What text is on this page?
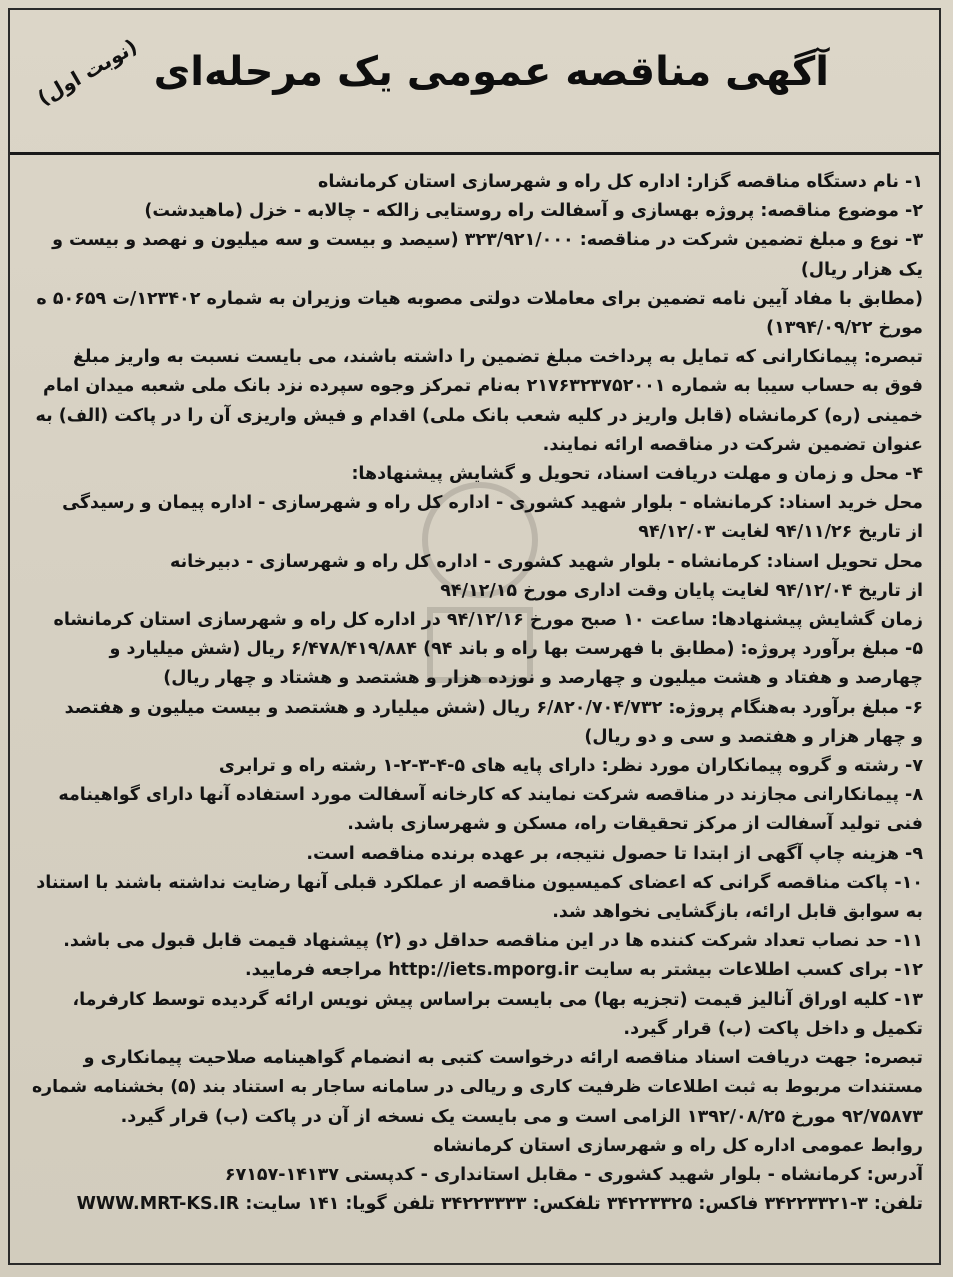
(نوبت اول) آگهی مناقصه عمومی یک مرحله‌ای
۱- نام دستگاه مناقصه گزار: اداره کل راه و شهرسازی استان کرمانشاه
۲- موضوع مناقصه: پروژه بهسازی و آسفالت راه روستایی زالکه - چالابه - خزل (ماهیدشت)
۳- نوع و مبلغ تضمین شرکت در مناقصه: ۳۲۳/۹۲۱/۰۰۰ (سیصد و بیست و سه میلیون و نهصد و بیست و
یک هزار ریال)
(مطابق با مفاد آیین نامه تضمین برای معاملات دولتی مصوبه هیات وزیران به شماره ۱۲۳۴۰۲/ت ۵۰۶۵۹ ه
مورخ ۱۳۹۴/۰۹/۲۲)
تبصره: پیمانکارانی که تمایل به پرداخت مبلغ تضمین را داشته باشند، می بایست نسبت به واریز مبلغ
فوق به حساب سیبا به شماره ۲۱۷۶۳۲۳۷۵۲۰۰۱ به‌نام تمرکز وجوه سپرده نزد بانک ملی شعبه میدان امام
خمینی (ره) کرمانشاه (قابل واریز در کلیه شعب بانک ملی) اقدام و فیش واریزی آن را در پاکت (الف) به
عنوان تضمین شرکت در مناقصه ارائه نمایند.
۴- محل و زمان و مهلت دریافت اسناد، تحویل و گشایش پیشنهادها:
محل خرید اسناد: کرمانشاه - بلوار شهید کشوری - اداره کل راه و شهرسازی - اداره پیمان و رسیدگی
از تاریخ ۹۴/۱۱/۲۶ لغایت ۹۴/۱۲/۰۳
محل تحویل اسناد: کرمانشاه - بلوار شهید کشوری - اداره کل راه و شهرسازی - دبیرخانه
از تاریخ ۹۴/۱۲/۰۴ لغایت پایان وقت اداری مورخ ۹۴/۱۲/۱۵
زمان گشایش پیشنهادها: ساعت ۱۰ صبح مورخ ۹۴/۱۲/۱۶ در اداره کل راه و شهرسازی استان کرمانشاه
۵- مبلغ برآورد پروژه: (مطابق با فهرست بها راه و باند ۹۴) ۶/۴۷۸/۴۱۹/۸۸۴ ریال (شش میلیارد و
چهارصد و هفتاد و هشت میلیون و چهارصد و نوزده هزار و هشتصد و هشتاد و چهار ریال)
۶- مبلغ برآورد به‌هنگام پروژه: ۶/۸۲۰/۷۰۴/۷۳۲ ریال (شش میلیارد و هشتصد و بیست میلیون و هفتصد
و چهار هزار و هفتصد و سی و دو ریال)
۷- رشته و گروه پیمانکاران مورد نظر: دارای پایه های ۵-۴-۳-۲-۱ رشته راه و ترابری
۸- پیمانکارانی مجازند در مناقصه شرکت نمایند که کارخانه آسفالت مورد استفاده آنها دارای گواهینامه
فنی تولید آسفالت از مرکز تحقیقات راه، مسکن و شهرسازی باشد.
۹- هزینه چاپ آگهی از ابتدا تا حصول نتیجه، بر عهده برنده مناقصه است.
۱۰- پاکت مناقصه گرانی که اعضای کمیسیون مناقصه از عملکرد قبلی آنها رضایت نداشته باشند با استناد
به سوابق قابل ارائه، بازگشایی نخواهد شد.
۱۱- حد نصاب تعداد شرکت کننده ها در این مناقصه حداقل دو (۲) پیشنهاد قیمت قابل قبول می باشد.
۱۲- برای کسب اطلاعات بیشتر به سایت http://iets.mporg.ir مراجعه فرمایید.
۱۳- کلیه اوراق آنالیز قیمت (تجزیه بها) می بایست براساس پیش نویس ارائه گردیده توسط کارفرما،
تکمیل و داخل پاکت (ب) قرار گیرد.
تبصره: جهت دریافت اسناد مناقصه ارائه درخواست کتبی به انضمام گواهینامه صلاحیت پیمانکاری و
مستندات مربوط به ثبت اطلاعات ظرفیت کاری و ریالی در سامانه ساجار به استناد بند (۵) بخشنامه شماره
۹۲/۷۵۸۷۳ مورخ ۱۳۹۲/۰۸/۲۵ الزامی است و می بایست یک نسخه از آن در پاکت (ب) قرار گیرد.
روابط عمومی اداره کل راه و شهرسازی استان کرمانشاه
آدرس: کرمانشاه - بلوار شهید کشوری - مقابل استانداری - کدپستی ۱۴۱۳۷-۶۷۱۵۷
تلفن: ۳-۳۴۲۲۳۳۲۱ فاکس: ۳۴۲۲۳۳۲۵ تلفکس: ۳۴۲۲۳۳۳۳ تلفن گویا: ۱۴۱ سایت: WWW.MRT-KS.IR
